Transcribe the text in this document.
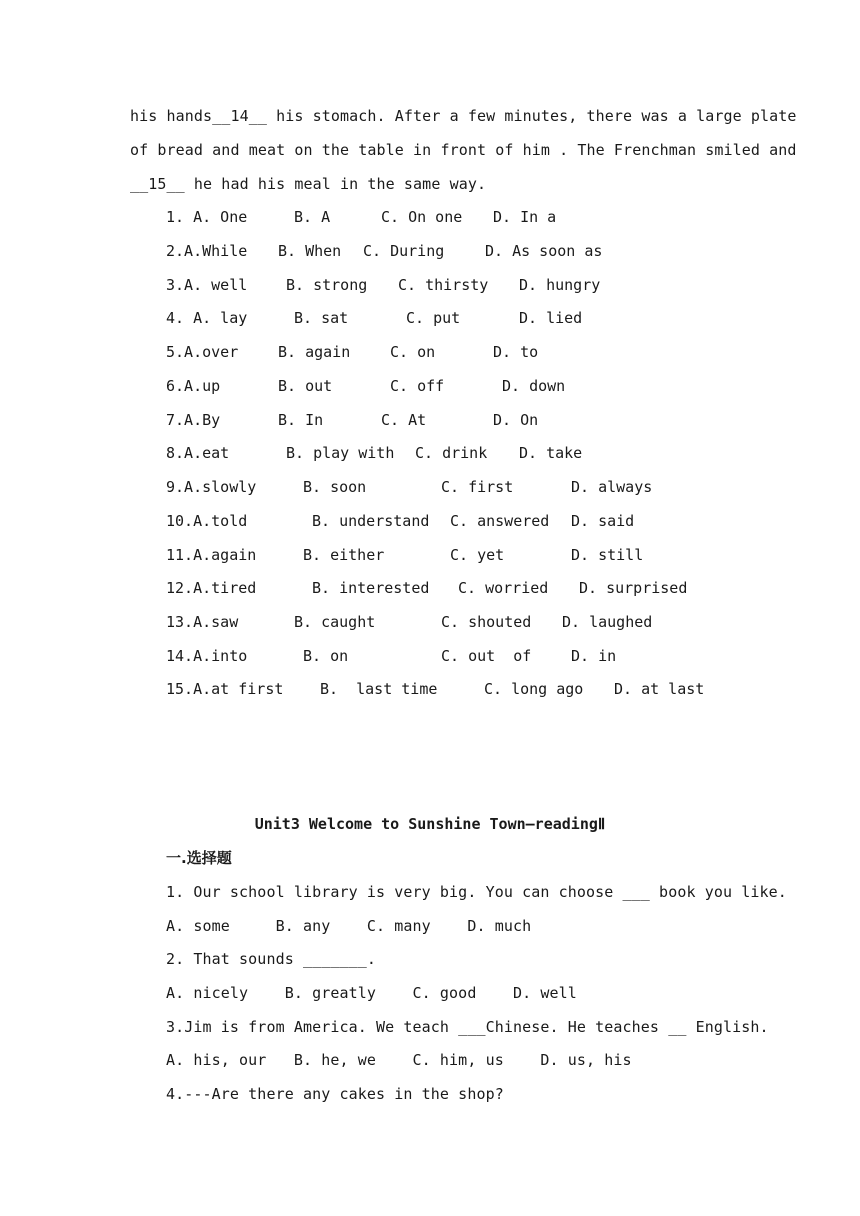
his hands__14__ his stomach. After a few minutes, there was a large plate
of bread and meat on the table in front of him . The Frenchman smiled and
__15__ he had his meal in the same way.
1. A. One	B. A	C. On one D. In a
2.A.While B. When C. During	D. As soon as
3.A. well	B. strong C. thirsty D. hungry
4. A. lay	B. sat	C. put	D. lied
5.A.over	B. again	C. on	D. to
6.A.up	B. out	C. off	D. down
7.A.By	B. In	C. At	D. On
8.A.eat	B. play with C. drink D. take
9.A.slowly	B. soon	C. first	D. always
10.A.told	B. understand C. answered D. said
11.A.again	B. either	C. yet	D. still
12.A.tired	B. interested C. worried D. surprised
13.A.saw	B. caught	C. shouted D. laughed
14.A.into	B. on	C. out  of	D. in
15.A.at first B.  last time	C. long ago D. at last
Unit3 Welcome to Sunshine Town—readingⅡ
一.选择题
1. Our school library is very big. You can choose ___ book you like.
A. some     B. any    C. many    D. much
2. That sounds _______.
A. nicely    B. greatly    C. good    D. well
3.Jim is from America. We teach ___Chinese. He teaches __ English.
A. his, our   B. he, we    C. him, us    D. us, his
4.---Are there any cakes in the shop?
